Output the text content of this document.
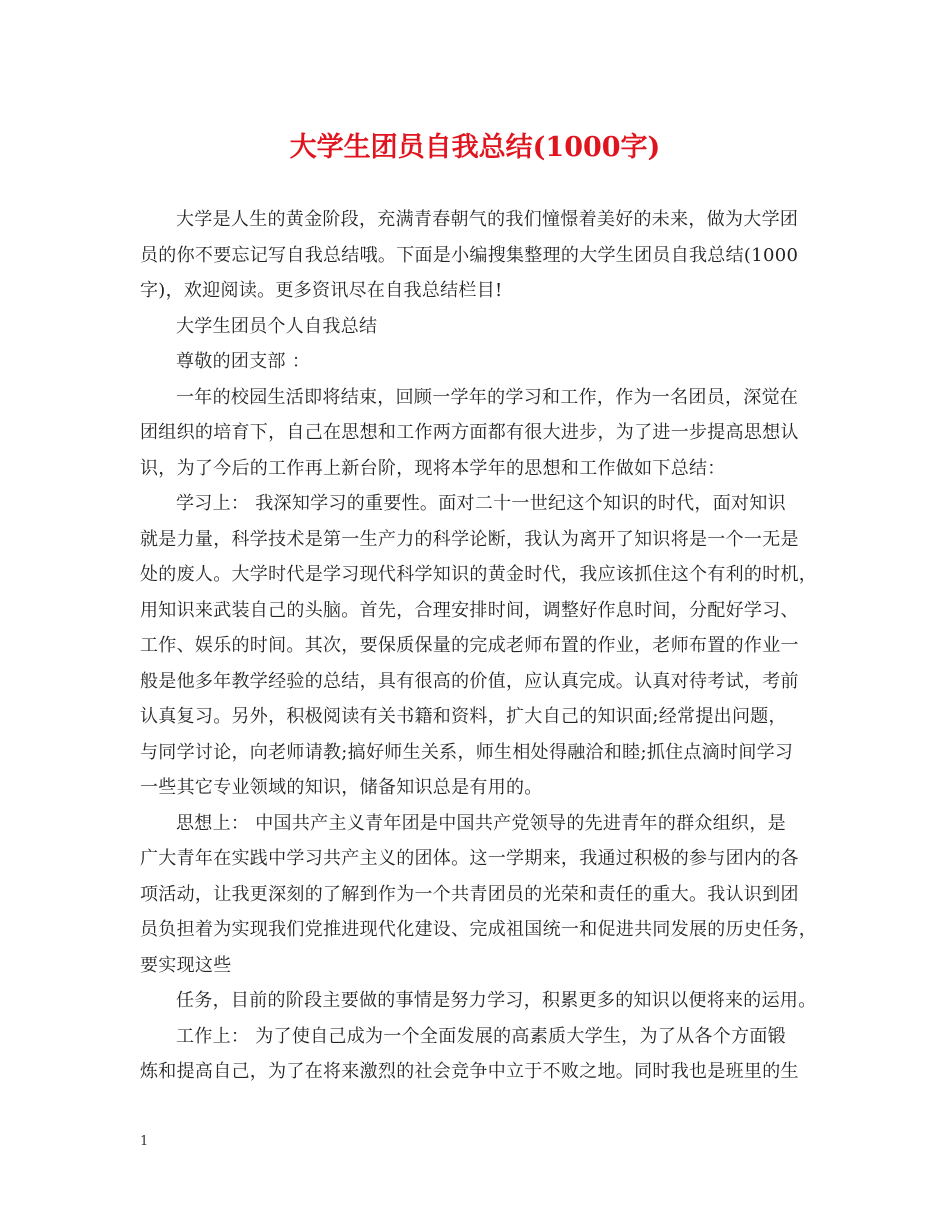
大学生团员自我总结(1000字)
大学是人生的黄金阶段，充满青春朝气的我们憧憬着美好的未来，做为大学团
员的你不要忘记写自我总结哦。下面是小编搜集整理的大学生团员自我总结(1000
字)，欢迎阅读。更多资讯尽在自我总结栏目!
大学生团员个人自我总结
尊敬的团支部 ：
一年的校园生活即将结束，回顾一学年的学习和工作，作为一名团员，深觉在
团组织的培育下，自己在思想和工作两方面都有很大进步，为了进一步提高思想认
识，为了今后的工作再上新台阶，现将本学年的思想和工作做如下总结：
学习上： 我深知学习的重要性。面对二十一世纪这个知识的时代，面对知识
就是力量，科学技术是第一生产力的科学论断，我认为离开了知识将是一个一无是
处的废人。大学时代是学习现代科学知识的黄金时代，我应该抓住这个有利的时机，
用知识来武装自己的头脑。首先，合理安排时间，调整好作息时间，分配好学习、
工作、娱乐的时间。其次，要保质保量的完成老师布置的作业，老师布置的作业一
般是他多年教学经验的总结，具有很高的价值，应认真完成。认真对待考试，考前
认真复习。另外，积极阅读有关书籍和资料，扩大自己的知识面;经常提出问题，
与同学讨论，向老师请教;搞好师生关系，师生相处得融洽和睦;抓住点滴时间学习
一些其它专业领域的知识，储备知识总是有用的。
思想上： 中国共产主义青年团是中国共产党领导的先进青年的群众组织，是
广大青年在实践中学习共产主义的团体。这一学期来，我通过积极的参与团内的各
项活动，让我更深刻的了解到作为一个共青团员的光荣和责任的重大。我认识到团
员负担着为实现我们党推进现代化建设、完成祖国统一和促进共同发展的历史任务，
要实现这些
任务，目前的阶段主要做的事情是努力学习，积累更多的知识以便将来的运用。
工作上： 为了使自己成为一个全面发展的高素质大学生，为了从各个方面锻
炼和提高自己，为了在将来激烈的社会竞争中立于不败之地。同时我也是班里的生
1
